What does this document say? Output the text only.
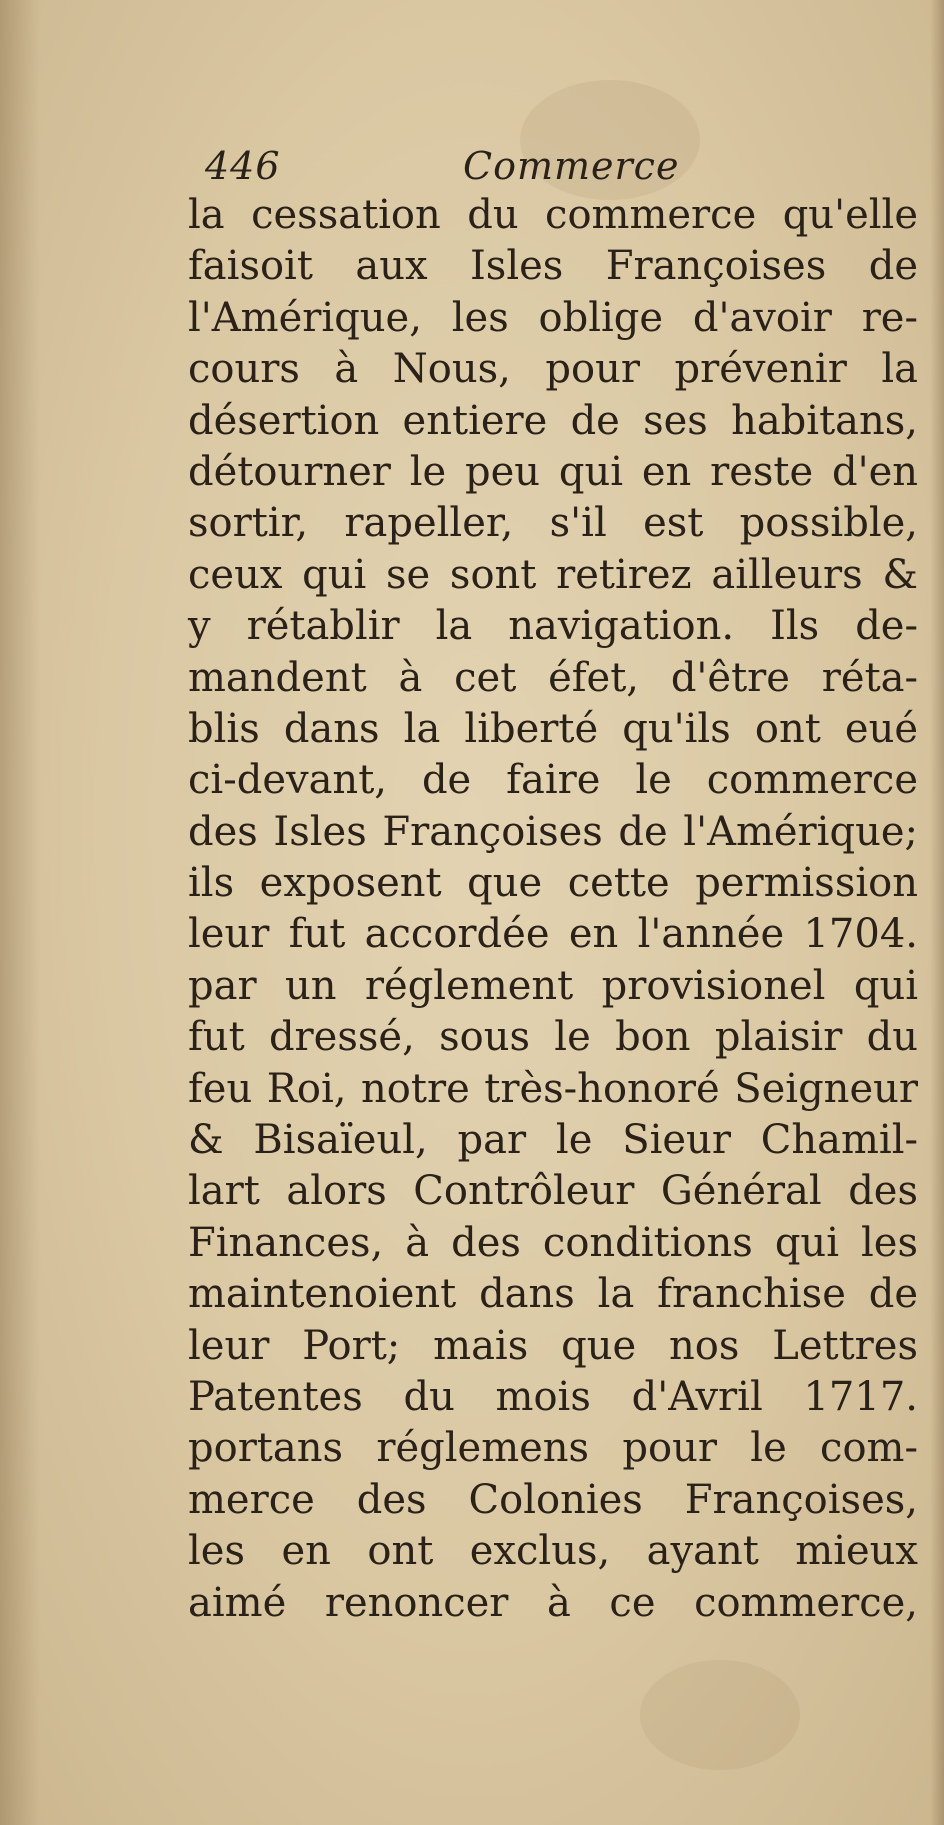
446	Commerce
la cessation du commerce qu'elle
faisoit aux Isles Françoises de
l'Amérique, les oblige d'avoir re-
cours à Nous, pour prévenir la
désertion entiere de ses habitans,
détourner le peu qui en reste d'en
sortir, rapeller, s'il est possible,
ceux qui se sont retirez ailleurs &
y rétablir la navigation. Ils de-
mandent à cet éfet, d'être réta-
blis dans la liberté qu'ils ont eué
ci-devant, de faire le commerce
des Isles Françoises de l'Amérique;
ils exposent que cette permission
leur fut accordée en l'année 1704.
par un réglement provisionel qui
fut dressé, sous le bon plaisir du
feu Roi, notre très-honoré Seigneur
& Bisaïeul, par le Sieur Chamil-
lart alors Contrôleur Général des
Finances, à des conditions qui les
maintenoient dans la franchise de
leur Port; mais que nos Lettres
Patentes du mois d'Avril 1717.
portans réglemens pour le com-
merce des Colonies Françoises,
les en ont exclus, ayant mieux
aimé renoncer à ce commerce,
